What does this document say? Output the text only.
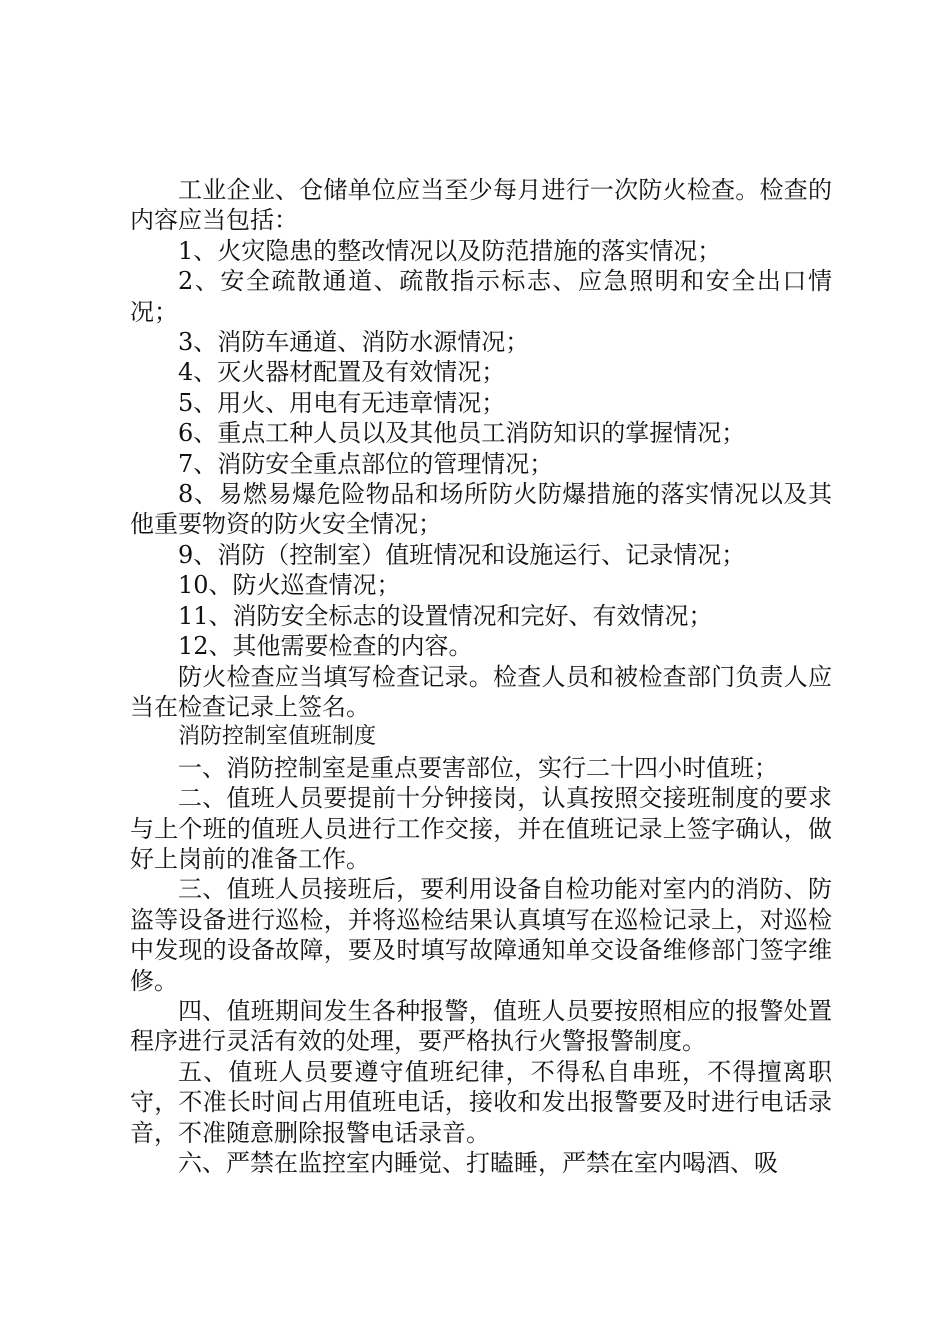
工业企业、仓储单位应当至少每月进行一次防火检查。检查的内容应当包括：

1、火灾隐患的整改情况以及防范措施的落实情况；

2、安全疏散通道、疏散指示标志、应急照明和安全出口情况；

3、消防车通道、消防水源情况；

4、灭火器材配置及有效情况；

5、用火、用电有无违章情况；

6、重点工种人员以及其他员工消防知识的掌握情况；

7、消防安全重点部位的管理情况；

8、易燃易爆危险物品和场所防火防爆措施的落实情况以及其他重要物资的防火安全情况；

9、消防（控制室）值班情况和设施运行、记录情况；

10、防火巡查情况；

11、消防安全标志的设置情况和完好、有效情况；

12、其他需要检查的内容。

防火检查应当填写检查记录。检查人员和被检查部门负责人应当在检查记录上签名。

消防控制室值班制度

一、消防控制室是重点要害部位，实行二十四小时值班；

二、值班人员要提前十分钟接岗，认真按照交接班制度的要求与上个班的值班人员进行工作交接，并在值班记录上签字确认，做好上岗前的准备工作。

三、值班人员接班后，要利用设备自检功能对室内的消防、防盗等设备进行巡检，并将巡检结果认真填写在巡检记录上，对巡检中发现的设备故障，要及时填写故障通知单交设备维修部门签字维修。

四、值班期间发生各种报警，值班人员要按照相应的报警处置程序进行灵活有效的处理，要严格执行火警报警制度。

五、值班人员要遵守值班纪律，不得私自串班，不得擅离职守，不准长时间占用值班电话，接收和发出报警要及时进行电话录音，不准随意删除报警电话录音。

六、严禁在监控室内睡觉、打瞌睡，严禁在室内喝酒、吸
